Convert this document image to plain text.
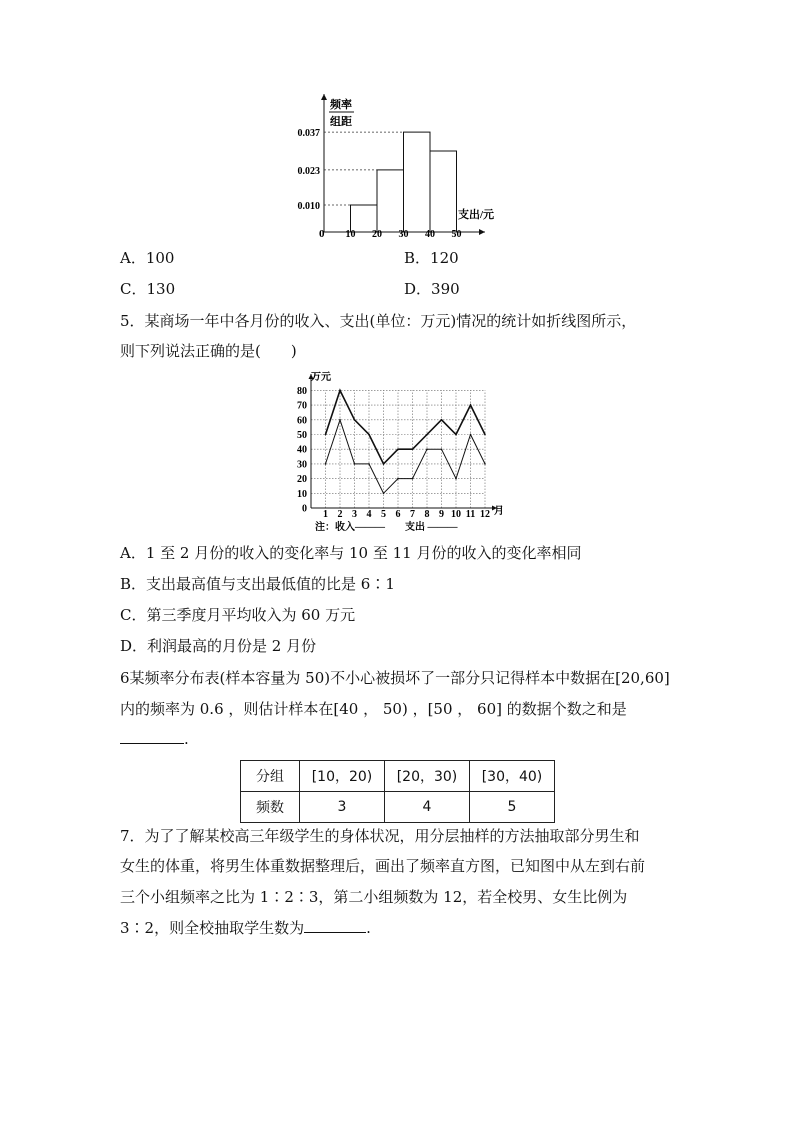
0.037
0.023
0.010
10 20 30 40 50
频率
组距
支出/元
0
A．100	B．120
C．130	D．390
5．某商场一年中各月份的收入、支出(单位：万元)情况的统计如折线图所示，
则下列说法正确的是(　　)
80
70
60
50
40
30
20
10
0 1 2 3 4 5 6 7 8 9 10 11 12
万元
月
注：收入———　　支出 ———
A．1 至 2 月份的收入的变化率与 10 至 11 月份的收入的变化率相同
B．支出最高值与支出最低值的比是 6∶1
C．第三季度月平均收入为 60 万元
D．利润最高的月份是 2 月份
6某频率分布表(样本容量为 50)不小心被损坏了一部分只记得样本中数据在[20,60]
内的频率为 0.6 ，则估计样本在[40 ， 50) ，[50 ， 60] 的数据个数之和是
.
分组	[10，20)	[20，30)	[30，40)
频数	3	4	5
7．为了了解某校高三年级学生的身体状况，用分层抽样的方法抽取部分男生和
女生的体重，将男生体重数据整理后，画出了频率直方图，已知图中从左到右前
三个小组频率之比为 1∶2∶3，第二小组频数为 12，若全校男、女生比例为
3∶2，则全校抽取学生数为	.
